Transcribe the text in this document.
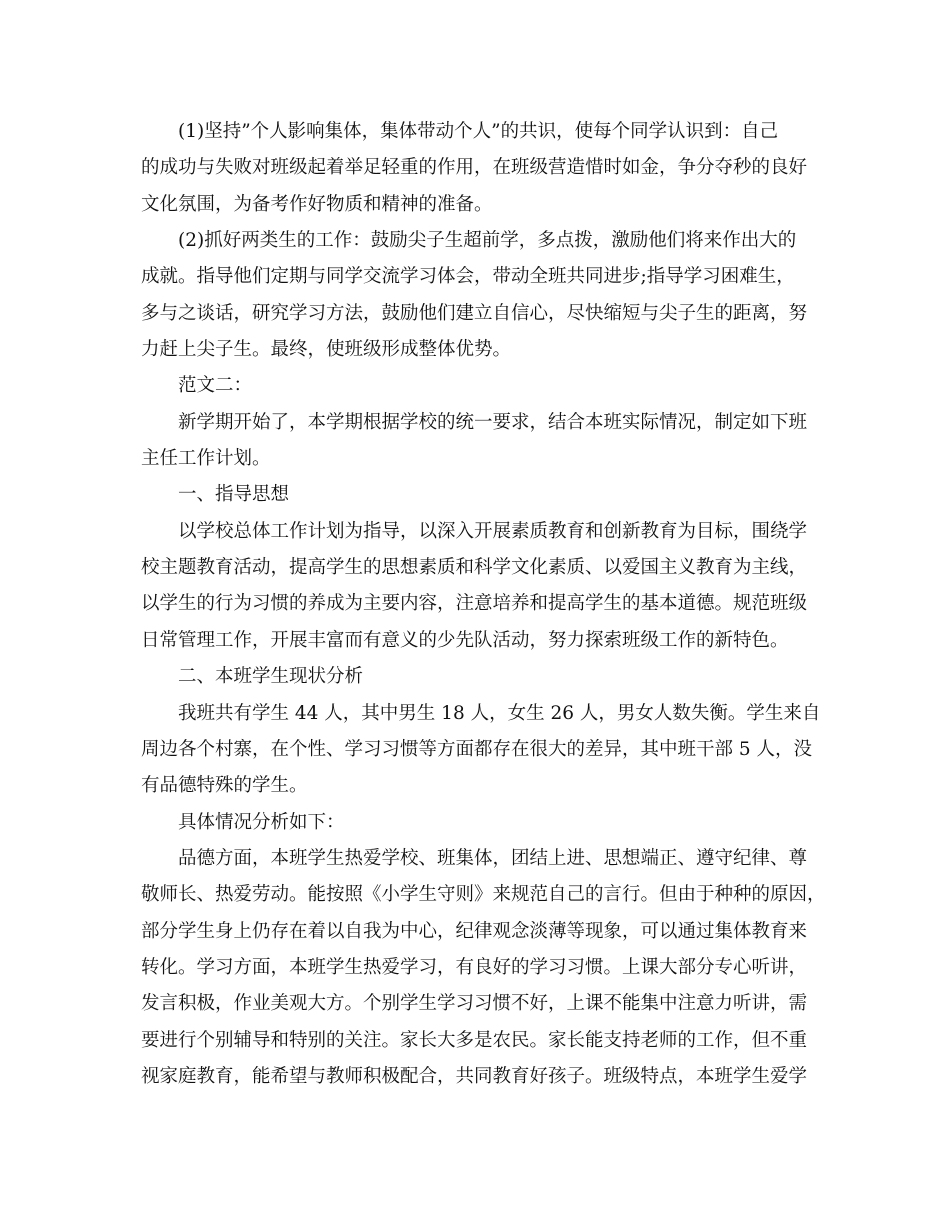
(1)坚持”个人影响集体，集体带动个人”的共识，使每个同学认识到：自己
的成功与失败对班级起着举足轻重的作用，在班级营造惜时如金，争分夺秒的良好
文化氛围，为备考作好物质和精神的准备。
(2)抓好两类生的工作：鼓励尖子生超前学，多点拨，激励他们将来作出大的
成就。指导他们定期与同学交流学习体会，带动全班共同进步;指导学习困难生，
多与之谈话，研究学习方法，鼓励他们建立自信心，尽快缩短与尖子生的距离，努
力赶上尖子生。最终，使班级形成整体优势。
范文二：
新学期开始了，本学期根据学校的统一要求，结合本班实际情况，制定如下班
主任工作计划。
一、指导思想
以学校总体工作计划为指导，以深入开展素质教育和创新教育为目标，围绕学
校主题教育活动，提高学生的思想素质和科学文化素质、以爱国主义教育为主线，
以学生的行为习惯的养成为主要内容，注意培养和提高学生的基本道德。规范班级
日常管理工作，开展丰富而有意义的少先队活动，努力探索班级工作的新特色。
二、本班学生现状分析
我班共有学生 44 人，其中男生 18 人，女生 26 人，男女人数失衡。学生来自
周边各个村寨，在个性、学习习惯等方面都存在很大的差异，其中班干部 5 人，没
有品德特殊的学生。
具体情况分析如下：
品德方面，本班学生热爱学校、班集体，团结上进、思想端正、遵守纪律、尊
敬师长、热爱劳动。能按照《小学生守则》来规范自己的言行。但由于种种的原因，
部分学生身上仍存在着以自我为中心，纪律观念淡薄等现象，可以通过集体教育来
转化。学习方面，本班学生热爱学习，有良好的学习习惯。上课大部分专心听讲，
发言积极，作业美观大方。个别学生学习习惯不好，上课不能集中注意力听讲，需
要进行个别辅导和特别的关注。家长大多是农民。家长能支持老师的工作，但不重
视家庭教育，能希望与教师积极配合，共同教育好孩子。班级特点，本班学生爱学
